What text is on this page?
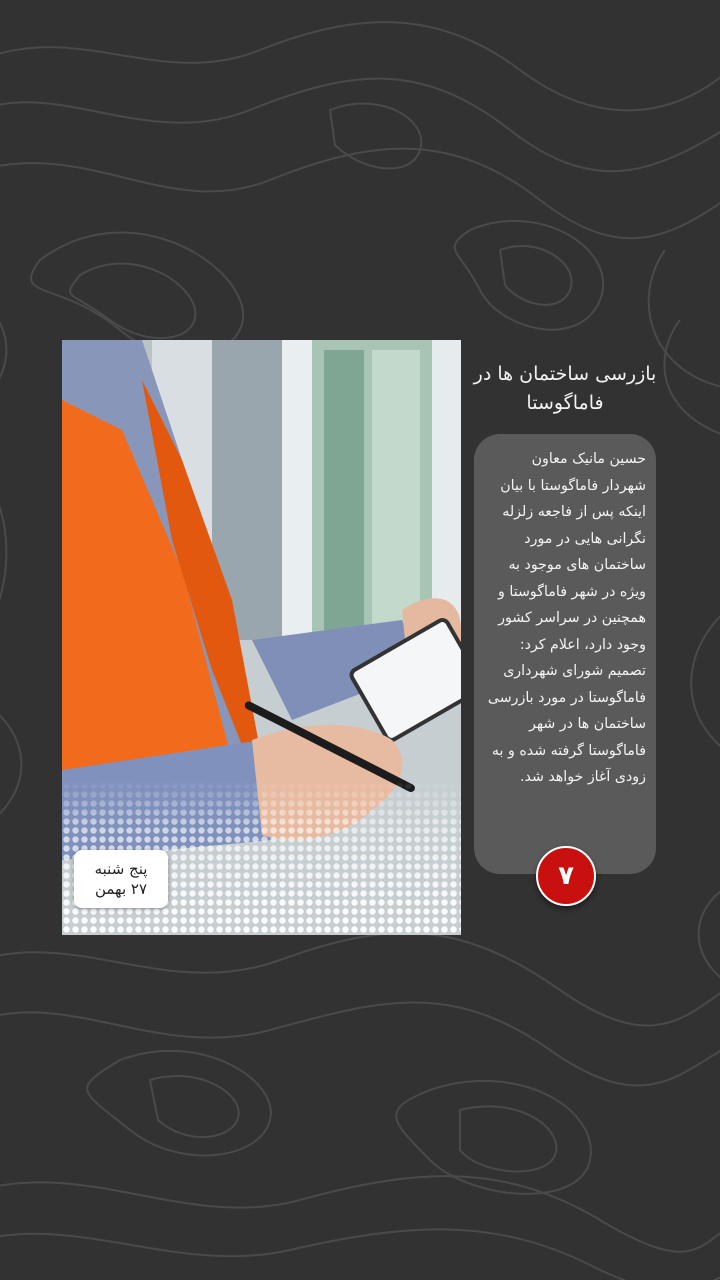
پنج شنبه
۲۷ بهمن
بازرسی ساختمان ها در فاماگوستا

حسین مانیک معاون شهردار فاماگوستا با بیان اینکه پس از فاجعه زلزله نگرانی هایی در مورد ساختمان های موجود به ویژه در شهر فاماگوستا و همچنین در سراسر کشور وجود دارد، اعلام کرد: تصمیم شورای شهرداری فاماگوستا در مورد بازرسی ساختمان ها در شهر فاماگوستا گرفته شده و به زودی آغاز خواهد شد.

۷
